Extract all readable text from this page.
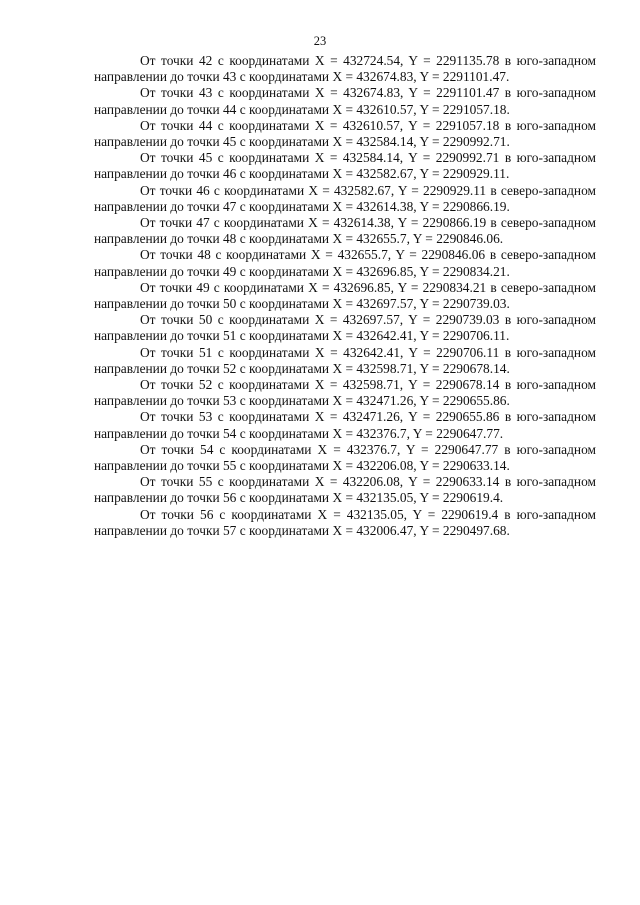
23

От точки 42 с координатами X = 432724.54, Y = 2291135.78 в юго-западном направлении до точки 43 с координатами X = 432674.83, Y = 2291101.47.

От точки 43 с координатами X = 432674.83, Y = 2291101.47 в юго-западном направлении до точки 44 с координатами X = 432610.57, Y = 2291057.18.

От точки 44 с координатами X = 432610.57, Y = 2291057.18 в юго-западном направлении до точки 45 с координатами X = 432584.14, Y = 2290992.71.

От точки 45 с координатами X = 432584.14, Y = 2290992.71 в юго-западном направлении до точки 46 с координатами X = 432582.67, Y = 2290929.11.

От точки 46 с координатами X = 432582.67, Y = 2290929.11 в северо-западном направлении до точки 47 с координатами X = 432614.38, Y = 2290866.19.

От точки 47 с координатами X = 432614.38, Y = 2290866.19 в северо-западном направлении до точки 48 с координатами X = 432655.7, Y = 2290846.06.

От точки 48 с координатами X = 432655.7, Y = 2290846.06 в северо-западном направлении до точки 49 с координатами X = 432696.85, Y = 2290834.21.

От точки 49 с координатами X = 432696.85, Y = 2290834.21 в северо-западном направлении до точки 50 с координатами X = 432697.57, Y = 2290739.03.

От точки 50 с координатами X = 432697.57, Y = 2290739.03 в юго-западном направлении до точки 51 с координатами X = 432642.41, Y = 2290706.11.

От точки 51 с координатами X = 432642.41, Y = 2290706.11 в юго-западном направлении до точки 52 с координатами X = 432598.71, Y = 2290678.14.

От точки 52 с координатами X = 432598.71, Y = 2290678.14 в юго-западном направлении до точки 53 с координатами X = 432471.26, Y = 2290655.86.

От точки 53 с координатами X = 432471.26, Y = 2290655.86 в юго-западном направлении до точки 54 с координатами X = 432376.7, Y = 2290647.77.

От точки 54 с координатами X = 432376.7, Y = 2290647.77 в юго-западном направлении до точки 55 с координатами X = 432206.08, Y = 2290633.14.

От точки 55 с координатами X = 432206.08, Y = 2290633.14 в юго-западном направлении до точки 56 с координатами X = 432135.05, Y = 2290619.4.

От точки 56 с координатами X = 432135.05, Y = 2290619.4 в юго-западном направлении до точки 57 с координатами X = 432006.47, Y = 2290497.68.
